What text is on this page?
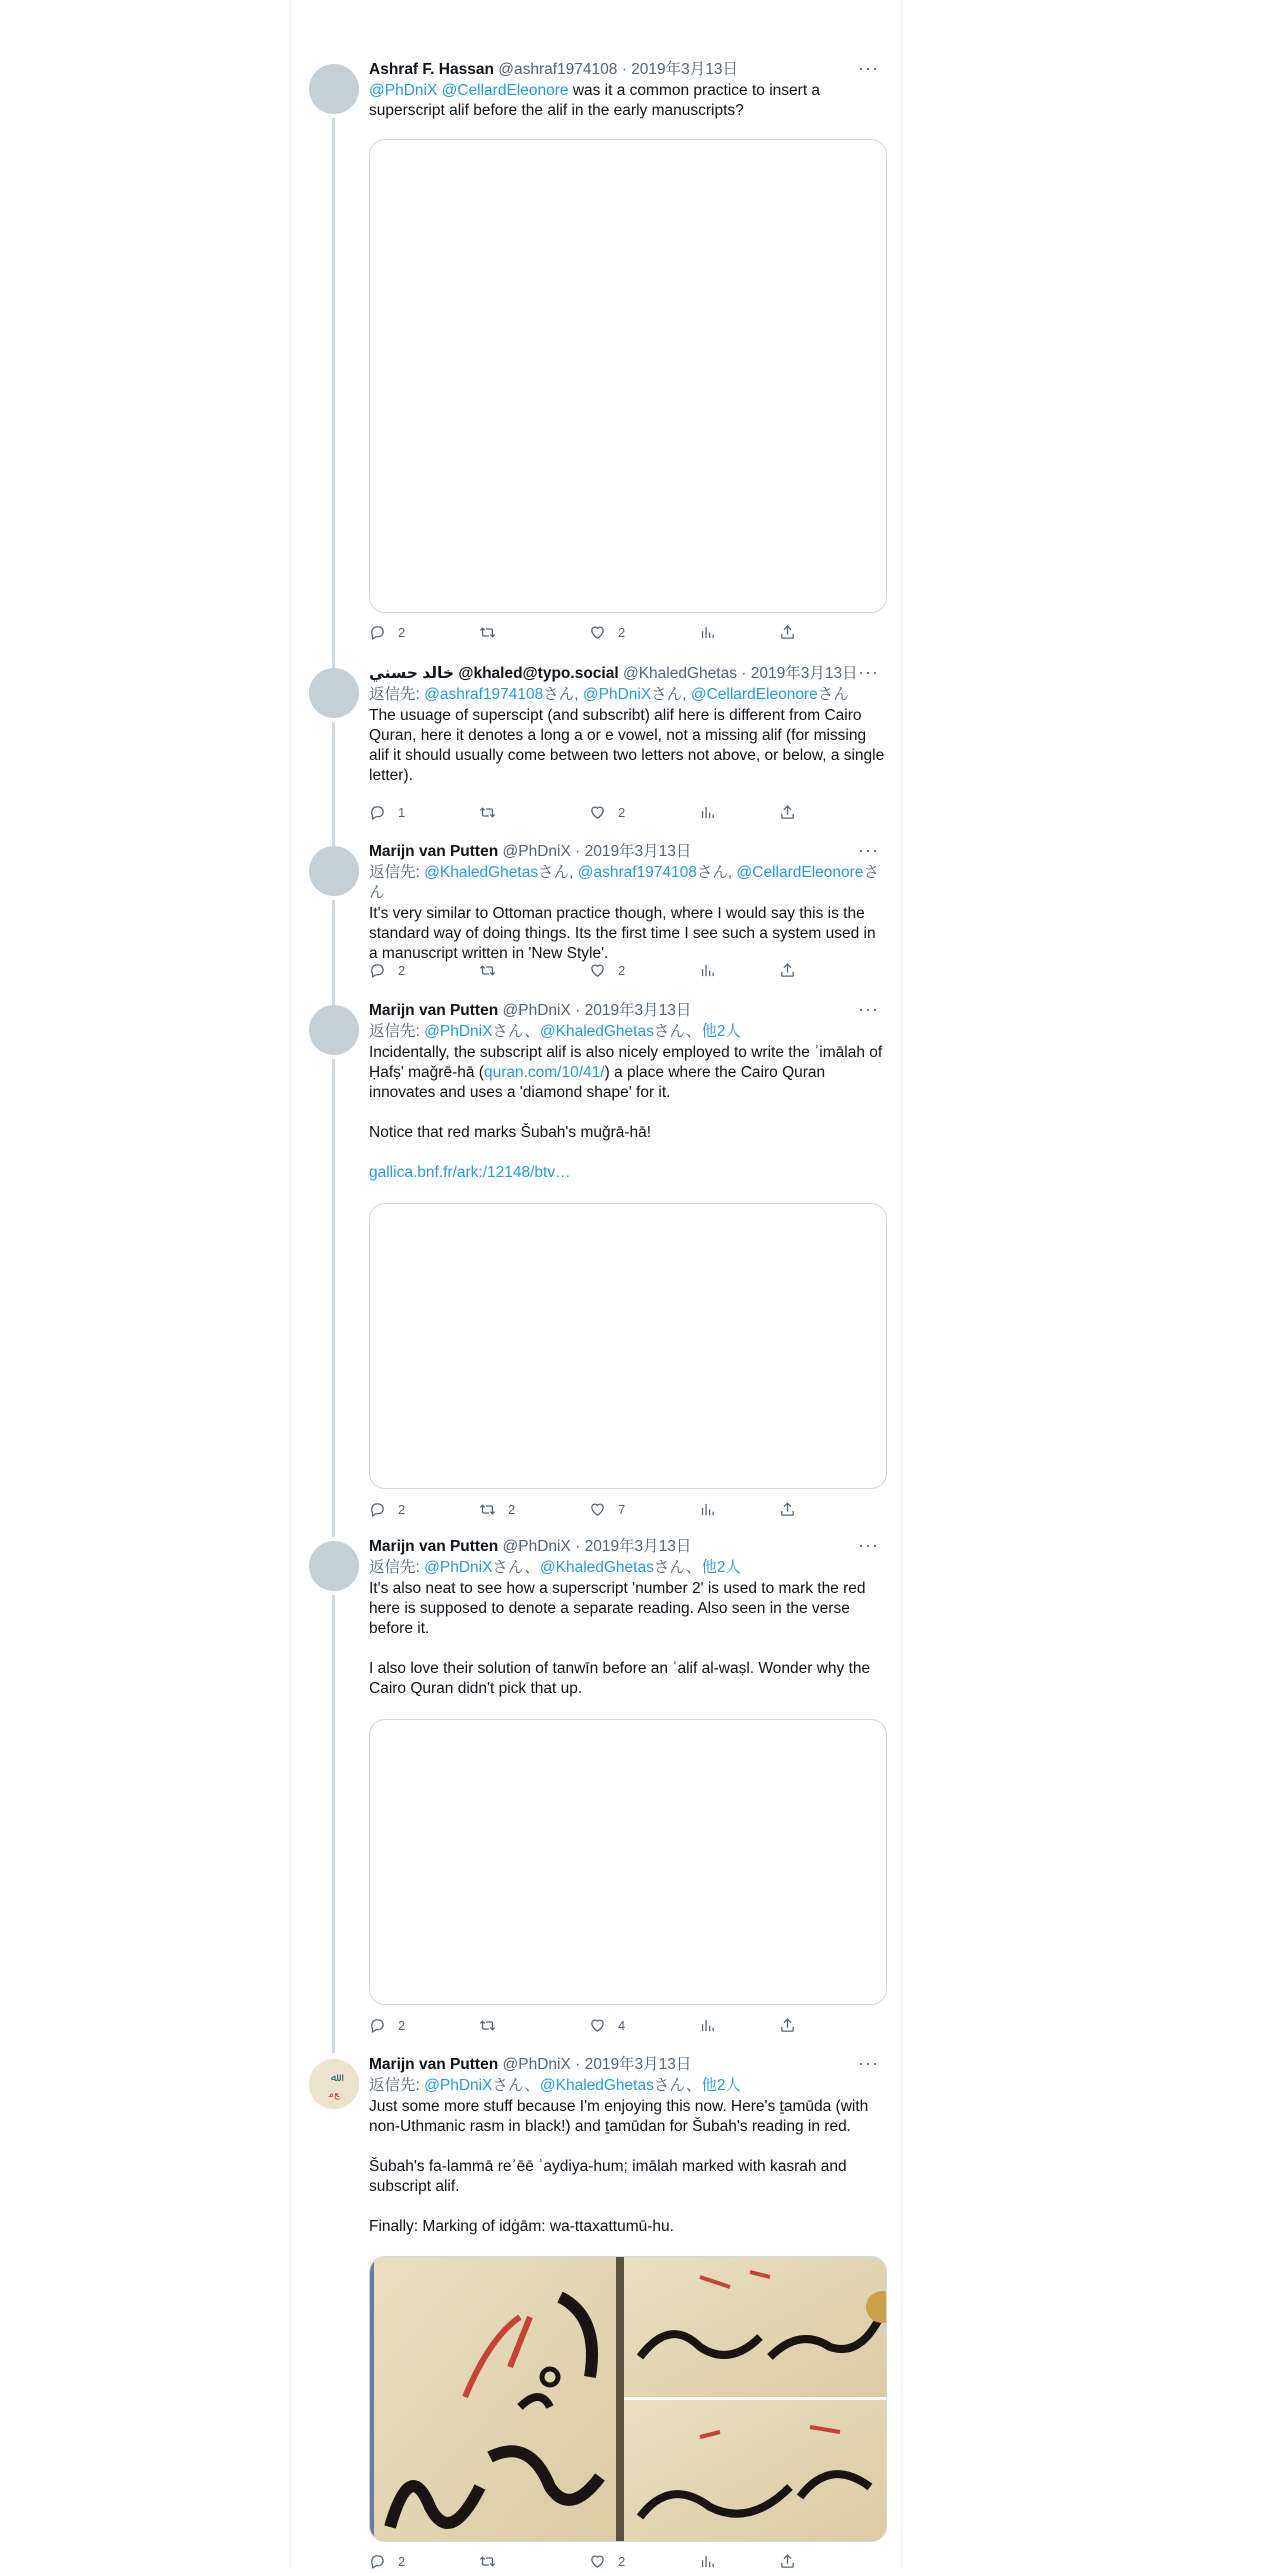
Ashraf F. Hassan @ashraf1974108 · 2019年3月13日	···
@PhDniX @CellardEleonore was it a common practice to insert a superscript alif before the alif in the early manuscripts?
2	2
خالد حسني @khaled@typo.social @KhaledGhetas · 2019年3月13日 ···
返信先: @ashraf1974108さん, @PhDniXさん, @CellardEleonoreさん
The usuage of superscipt (and subscribt) alif here is different from Cairo Quran, here it denotes a long a or e vowel, not a missing alif (for missing alif it should usually come between two letters not above, or below, a single letter).
1	2
Marijn van Putten @PhDniX · 2019年3月13日	···
返信先: @KhaledGhetasさん, @ashraf1974108さん, @CellardEleonoreさん
It's very similar to Ottoman practice though, where I would say this is the standard way of doing things. Its the first time I see such a system used in a manuscript written in 'New Style'.
2	2
Marijn van Putten @PhDniX · 2019年3月13日	···
返信先: @PhDniXさん、@KhaledGhetasさん、他2人

Incidentally, the subscript alif is also nicely employed to write the ʾimālah of Ḥafṣ' maǧrē-hā (quran.com/10/41/) a place where the Cairo Quran innovates and uses a 'diamond shape' for it.

Notice that red marks Šubah's muǧrā-hā!

gallica.bnf.fr/ark:/12148/btv…

2	2	7
Marijn van Putten @PhDniX · 2019年3月13日	···
返信先: @PhDniXさん、@KhaledGhetasさん、他2人

It's also neat to see how a superscript 'number 2' is used to mark the red here is supposed to denote a separate reading. Also seen in the verse before it.

I also love their solution of tanwīn before an ʾalif al-waṣl. Wonder why the Cairo Quran didn't pick that up.

2	4
ﷲ
ﻊﻣ
Marijn van Putten @PhDniX · 2019年3月13日	···
返信先: @PhDniXさん、@KhaledGhetasさん、他2人

Just some more stuff because I'm enjoying this now. Here's ṯamūda (with non-Uthmanic rasm in black!) and ṯamūdan for Šubah's reading in red.

Šubah's fa-lammā reʾēē ʾaydiya-hum; imālah marked with kasrah and subscript alif.

Finally: Marking of idġām: wa-ttaxattumū-hu.

2	2
